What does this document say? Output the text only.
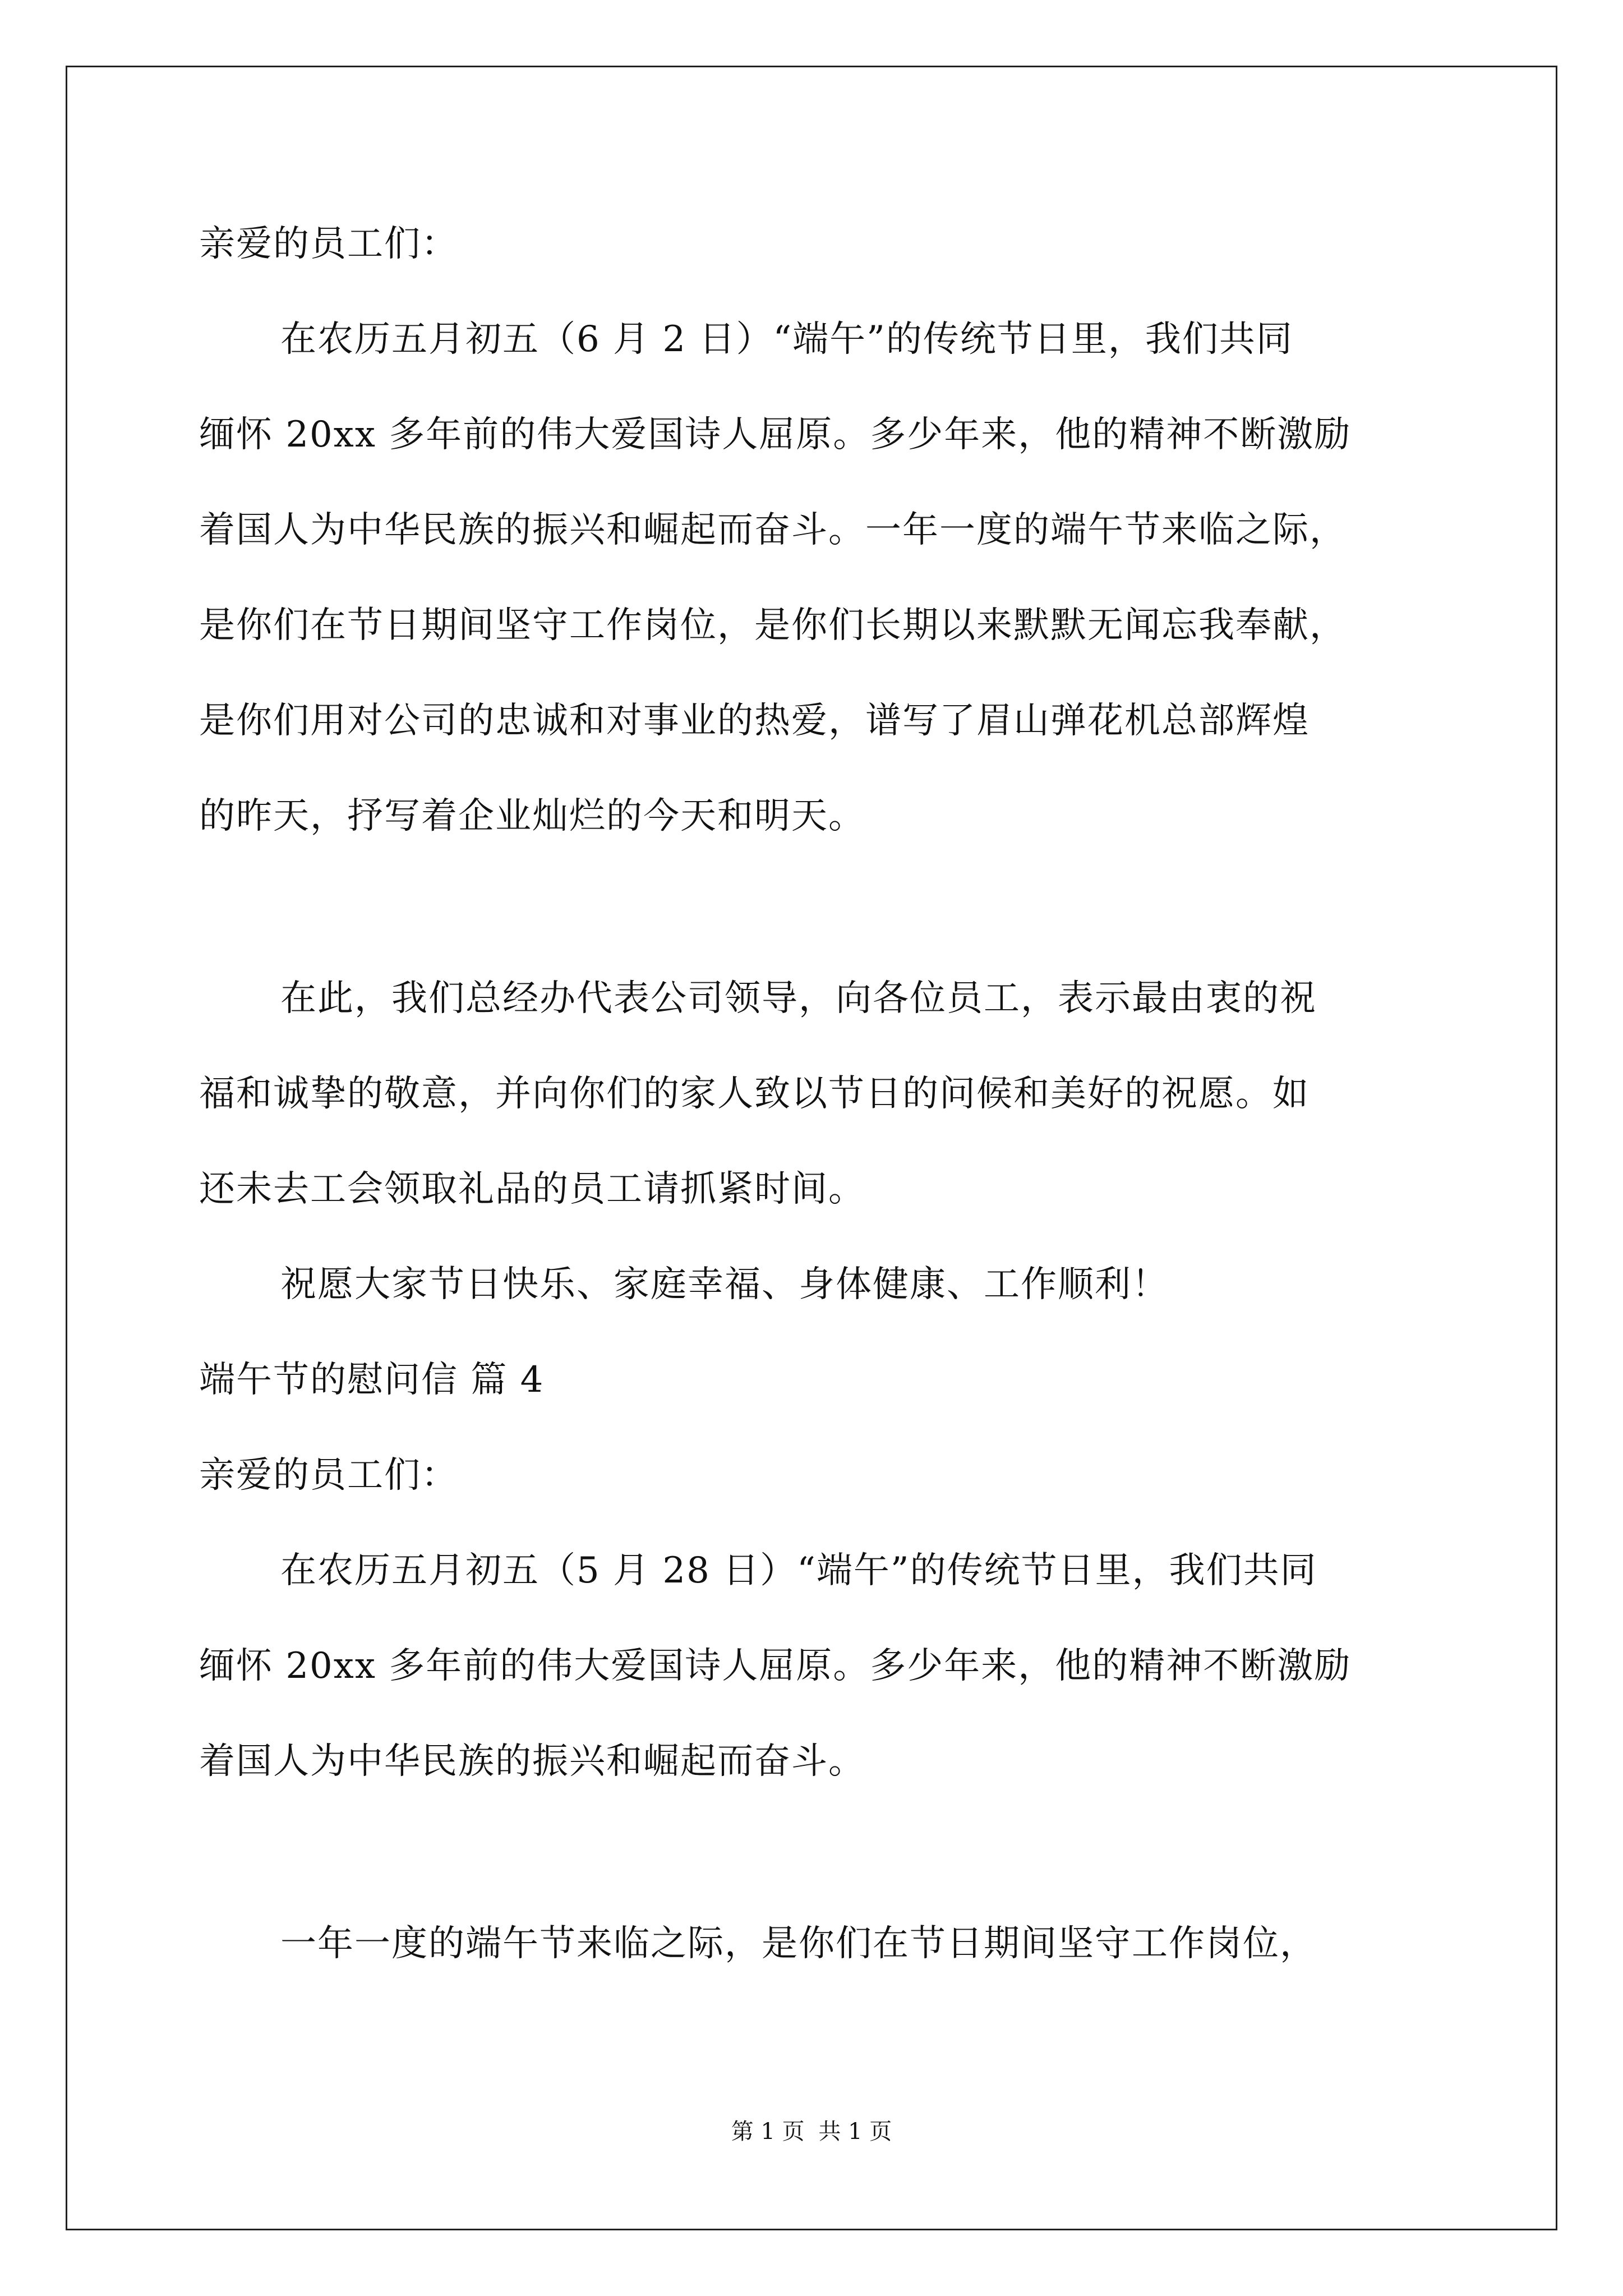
亲爱的员工们：
在农历五月初五（6 月 2 日）“端午”的传统节日里，我们共同
缅怀 20xx 多年前的伟大爱国诗人屈原。多少年来，他的精神不断激励
着国人为中华民族的振兴和崛起而奋斗。一年一度的端午节来临之际，
是你们在节日期间坚守工作岗位，是你们长期以来默默无闻忘我奉献，
是你们用对公司的忠诚和对事业的热爱，谱写了眉山弹花机总部辉煌
的昨天，抒写着企业灿烂的今天和明天。
在此，我们总经办代表公司领导，向各位员工，表示最由衷的祝
福和诚挚的敬意，并向你们的家人致以节日的问候和美好的祝愿。如
还未去工会领取礼品的员工请抓紧时间。
祝愿大家节日快乐、家庭幸福、身体健康、工作顺利！
端午节的慰问信 篇 4
亲爱的员工们：
在农历五月初五（5 月 28 日）“端午”的传统节日里，我们共同
缅怀 20xx 多年前的伟大爱国诗人屈原。多少年来，他的精神不断激励
着国人为中华民族的振兴和崛起而奋斗。
一年一度的端午节来临之际，是你们在节日期间坚守工作岗位，
第 1 页 共 1 页
